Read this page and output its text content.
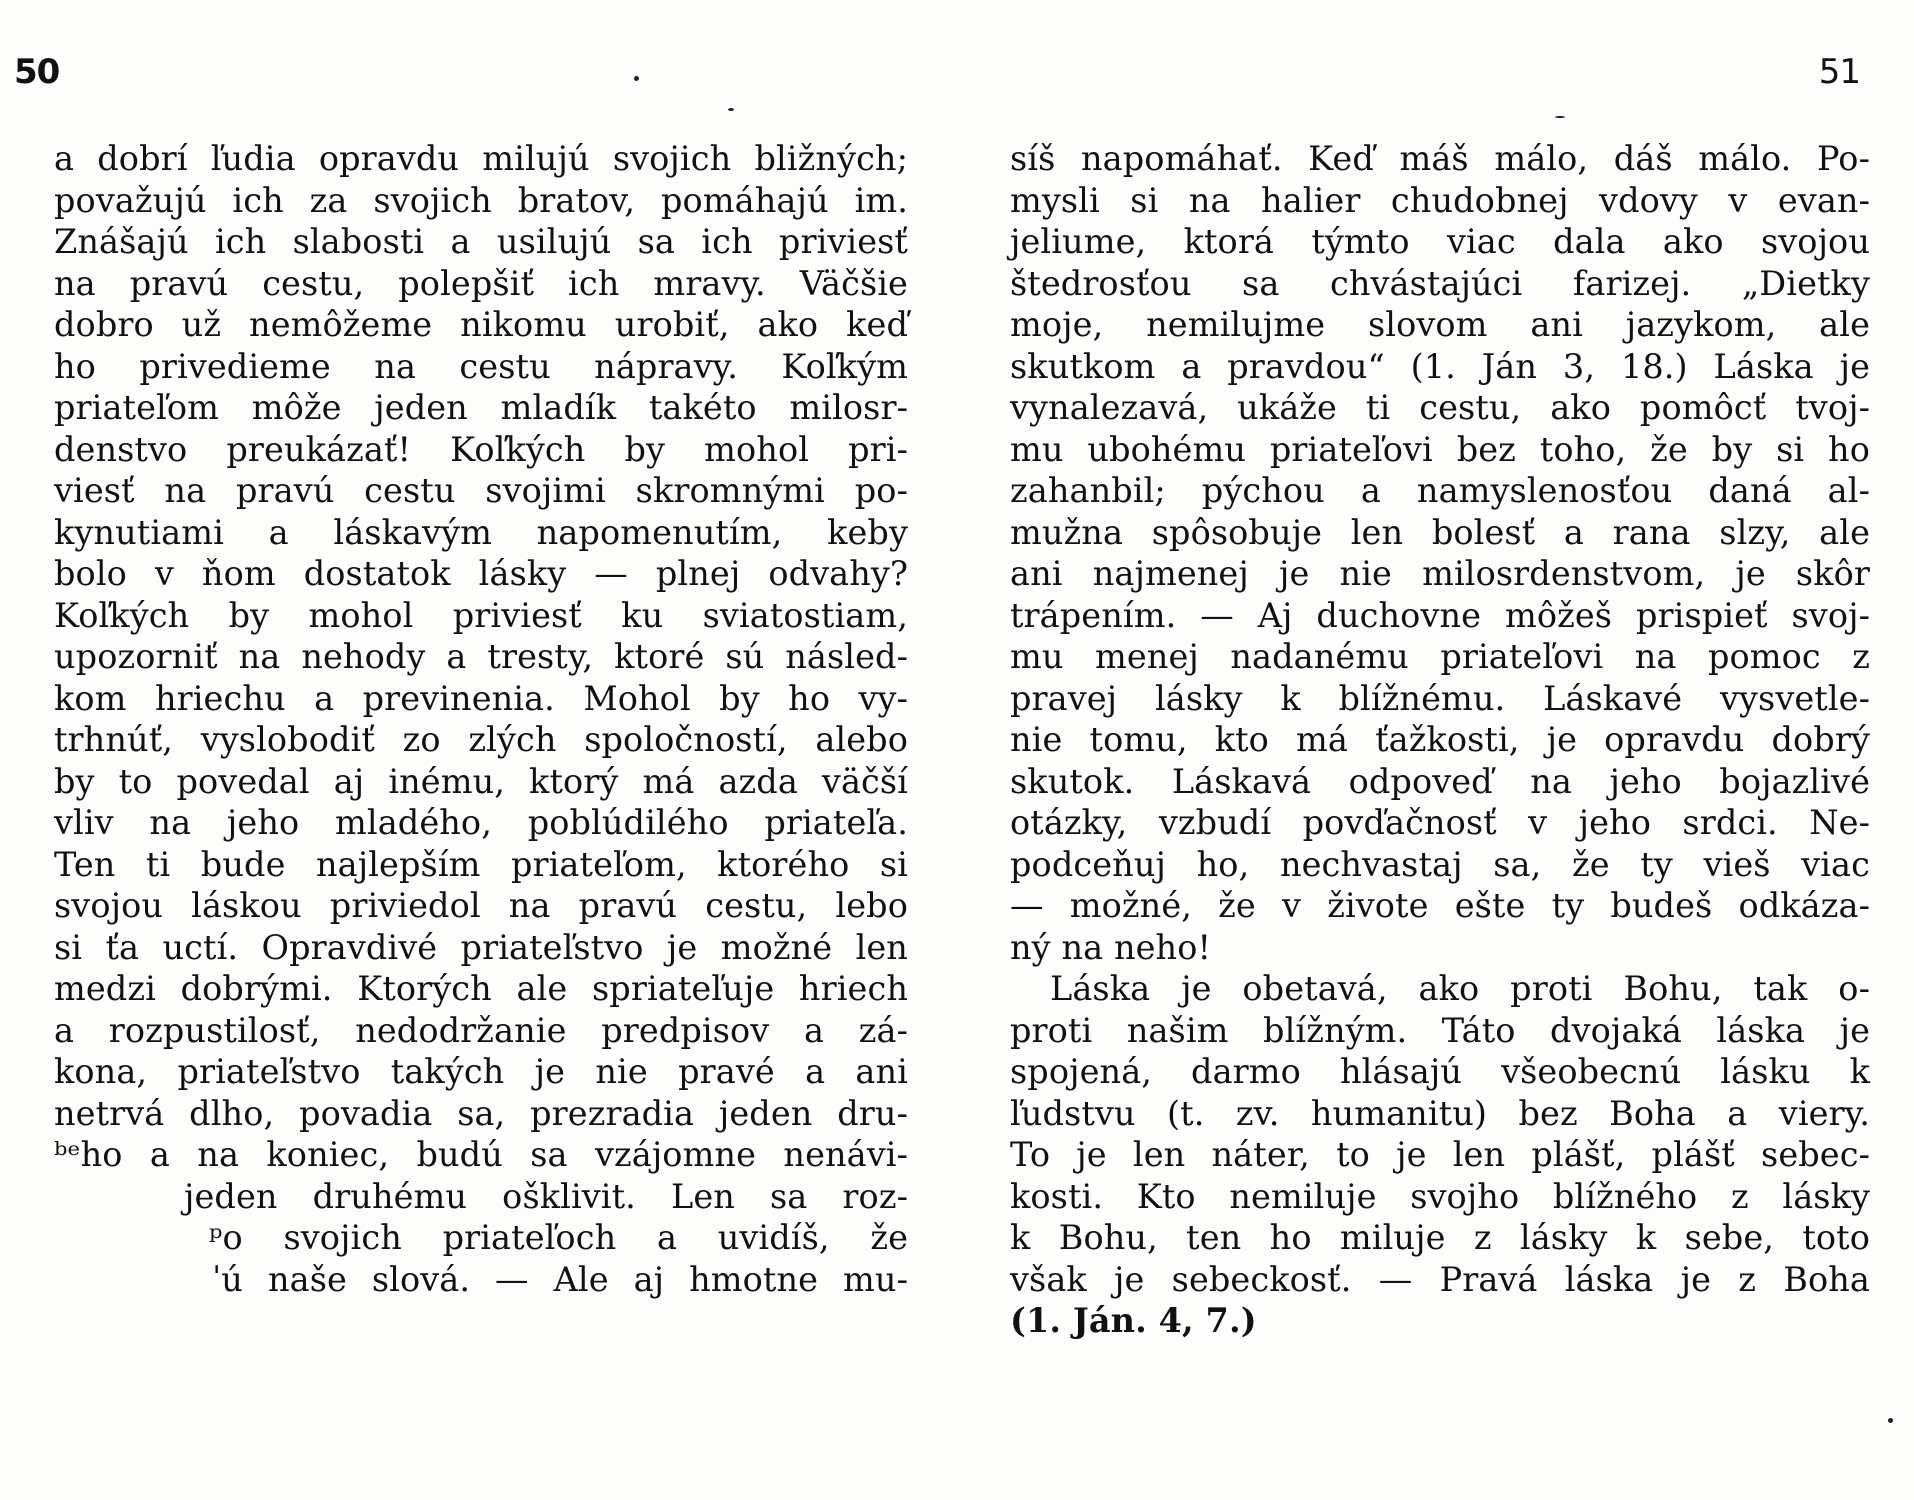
50	51
a dobrí ľudia opravdu milujú svojich bližných;
považujú ich za svojich bratov, pomáhajú im.
Znášajú ich slabosti a usilujú sa ich priviesť
na pravú cestu, polepšiť ich mravy. Väčšie
dobro už nemôžeme nikomu urobiť, ako keď
ho privedieme na cestu nápravy. Koľkým
priateľom môže jeden mladík takéto milosr-
denstvo preukázať! Koľkých by mohol pri-
viesť na pravú cestu svojimi skromnými po-
kynutiami a láskavým napomenutím, keby
bolo v ňom dostatok lásky — plnej odvahy?
Koľkých by mohol priviesť ku sviatostiam,
upozorniť na nehody a tresty, ktoré sú násled-
kom hriechu a previnenia. Mohol by ho vy-
trhnúť, vyslobodiť zo zlých spoločností, alebo
by to povedal aj inému, ktorý má azda väčší
vliv na jeho mladého, poblúdilého priateľa.
Ten ti bude najlepším priateľom, ktorého si
svojou láskou priviedol na pravú cestu, lebo
si ťa uctí. Opravdivé priateľstvo je možné len
medzi dobrými. Ktorých ale spriateľuje hriech
a rozpustilosť, nedodržanie predpisov a zá-
kona, priateľstvo takých je nie pravé a ani
netrvá dlho, povadia sa, prezradia jeden dru-
ᵇᵉho a na koniec, budú sa vzájomne nenávi-
jeden druhému ošklivit. Len sa roz-
ᵖo svojich priateľoch a uvidíš, že
ˈú naše slová. — Ale aj hmotne mu-
síš napomáhať. Keď máš málo, dáš málo. Po-
mysli si na halier chudobnej vdovy v evan-
jeliume, ktorá týmto viac dala ako svojou
štedrosťou sa chvástajúci farizej. „Dietky
moje, nemilujme slovom ani jazykom, ale
skutkom a pravdou“ (1. Ján 3, 18.) Láska je
vynalezavá, ukáže ti cestu, ako pomôcť tvoj-
mu ubohému priateľovi bez toho, že by si ho
zahanbil; pýchou a namyslenosťou daná al-
mužna spôsobuje len bolesť a rana slzy, ale
ani najmenej je nie milosrdenstvom, je skôr
trápením. — Aj duchovne môžeš prispieť svoj-
mu menej nadanému priateľovi na pomoc z
pravej lásky k blížnému. Láskavé vysvetle-
nie tomu, kto má ťažkosti, je opravdu dobrý
skutok. Láskavá odpoveď na jeho bojazlivé
otázky, vzbudí povďačnosť v jeho srdci. Ne-
podceňuj ho, nechvastaj sa, že ty vieš viac
— možné, že v živote ešte ty budeš odkáza-
ný na neho!
Láska je obetavá, ako proti Bohu, tak o-
proti našim blížným. Táto dvojaká láska je
spojená, darmo hlásajú všeobecnú lásku k
ľudstvu (t. zv. humanitu) bez Boha a viery.
To je len náter, to je len plášť, plášť sebec-
kosti. Kto nemiluje svojho blížného z lásky
k Bohu, ten ho miluje z lásky k sebe, toto
však je sebeckosť. — Pravá láska je z Boha
(1. Ján. 4, 7.)
